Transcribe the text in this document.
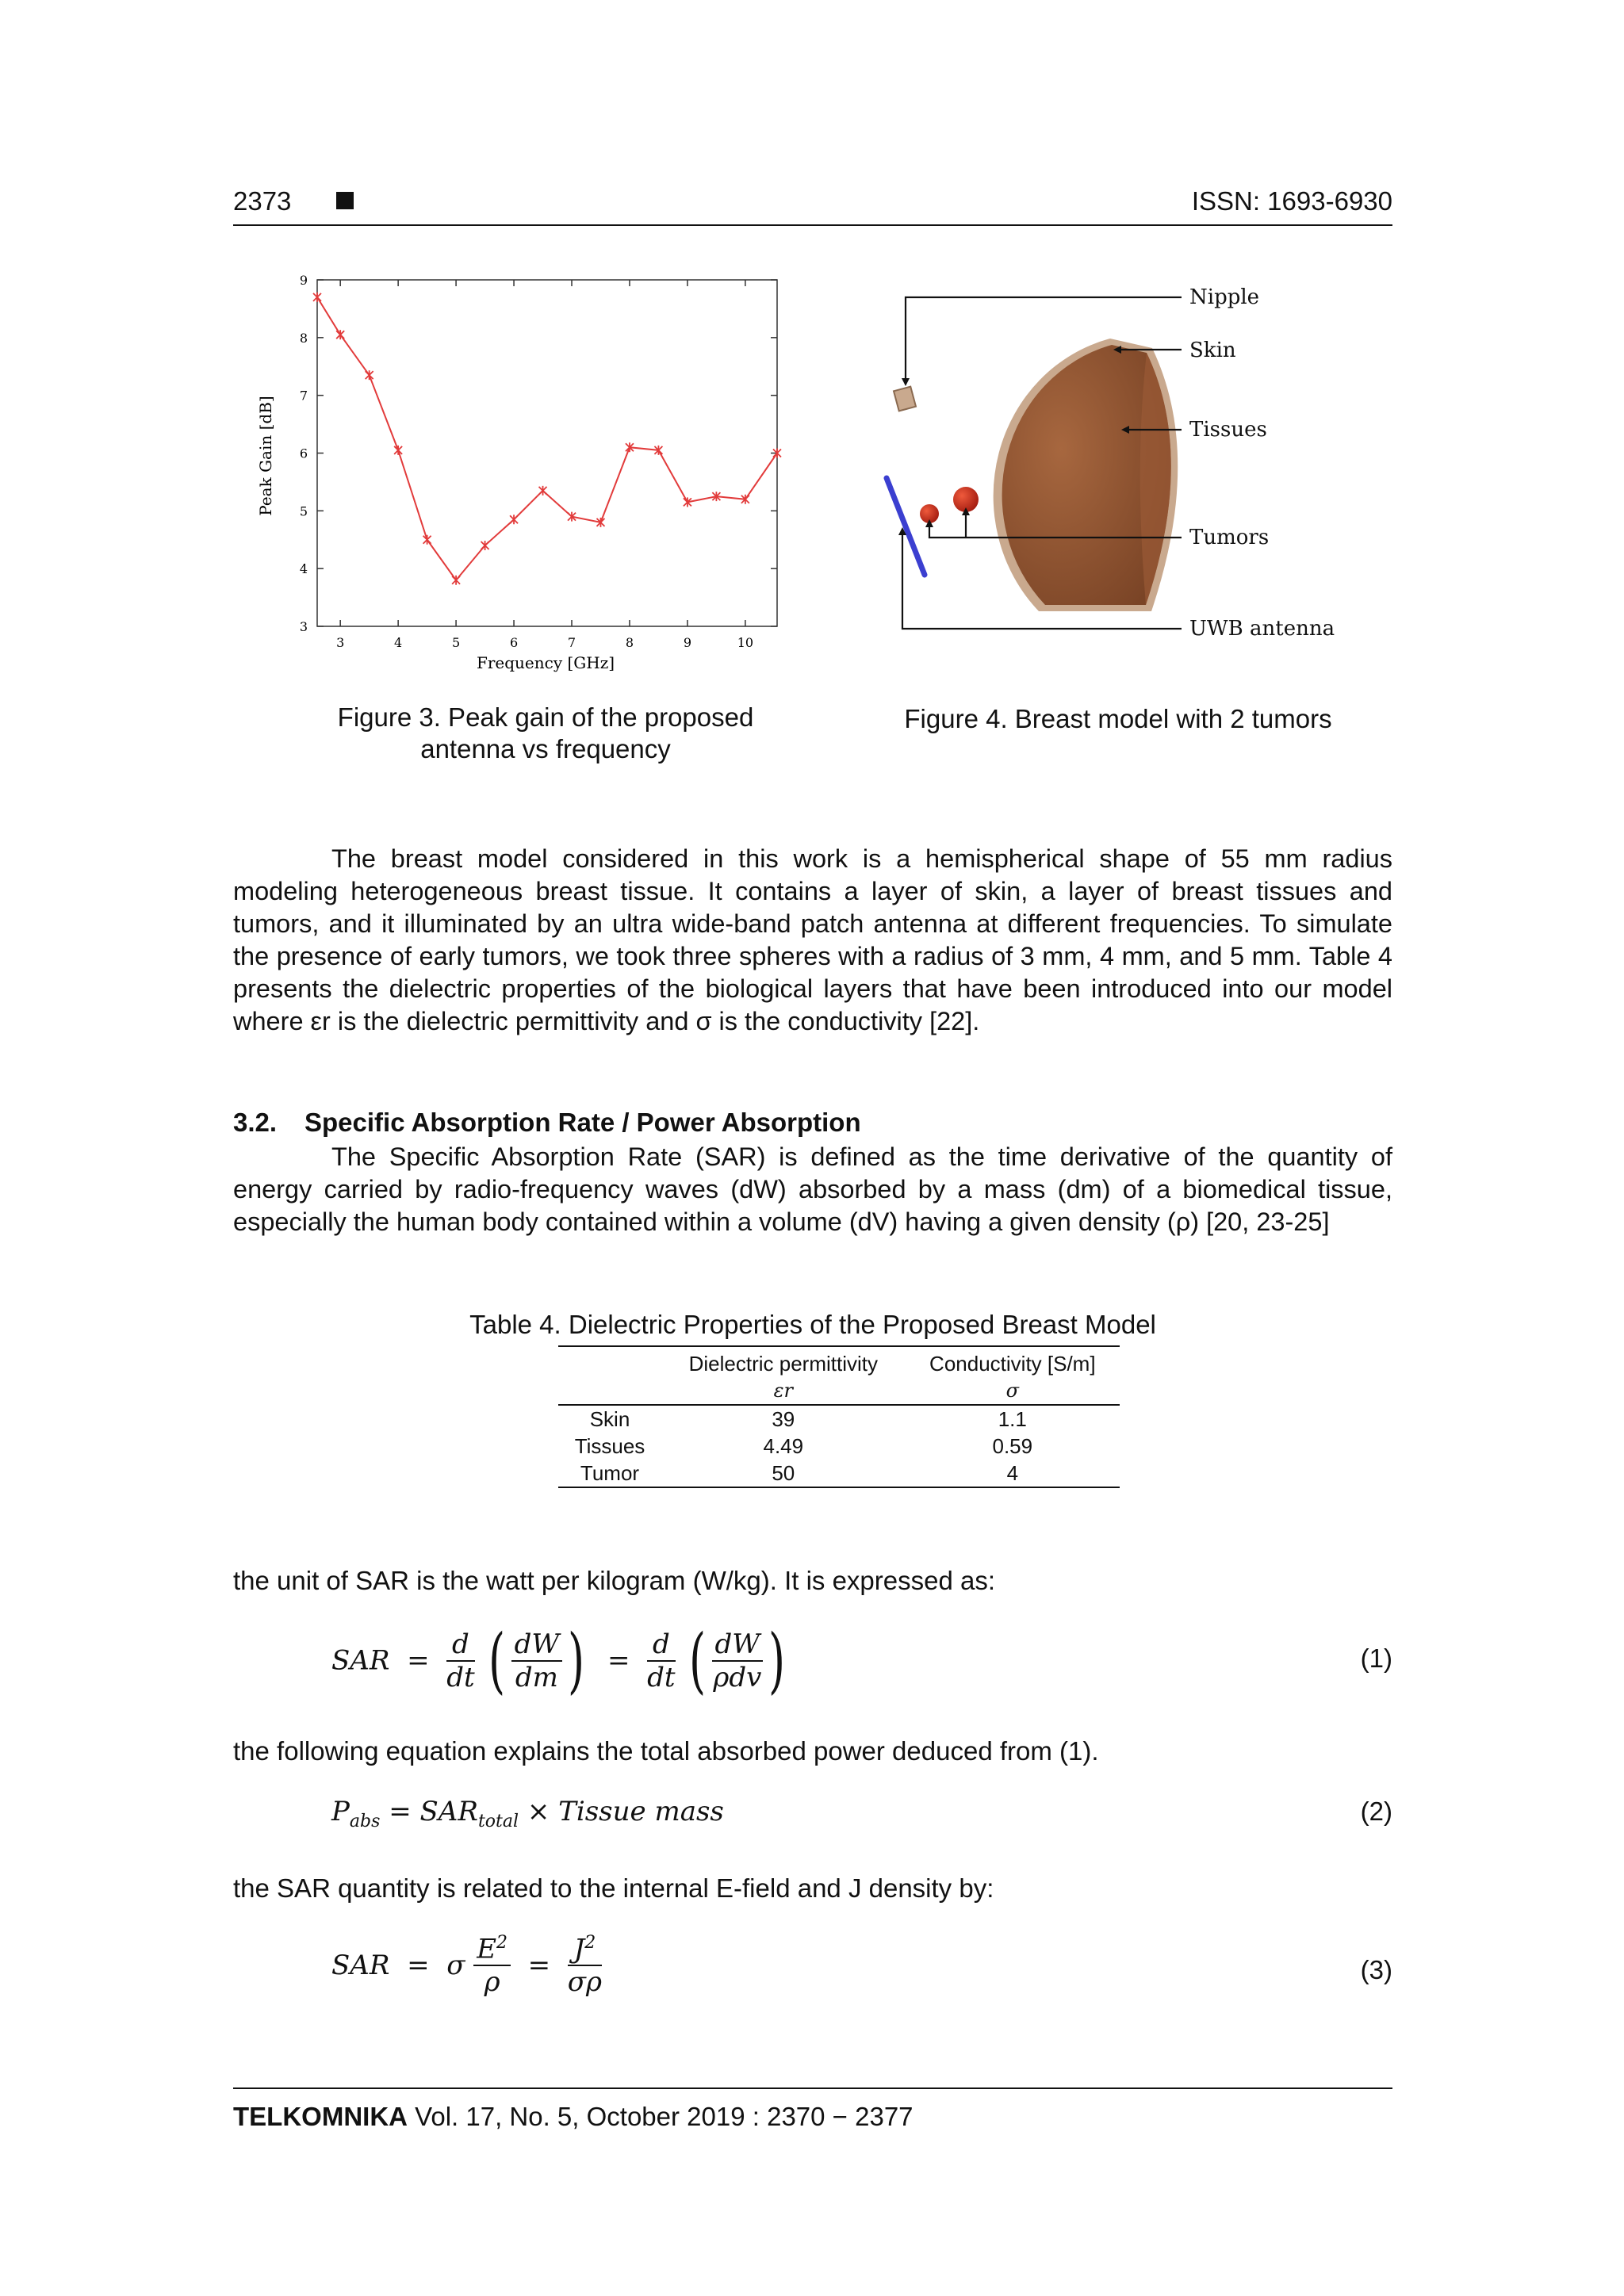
2373	ISSN: 1693-6930
3
4
5
6
7
8
9
3	4	5	6	7	8	9	10
Peak Gain [dB]
Frequency [GHz]
Nipple
Skin
Tissues
Tumors
UWB antenna
Figure 3. Peak gain of the proposed
antenna vs frequency
Figure 4. Breast model with 2 tumors
The breast model considered in this work is a hemispherical shape of 55 mm radius modeling heterogeneous breast tissue. It contains a layer of skin, a layer of breast tissues and tumors, and it illuminated by an ultra wide-band patch antenna at different frequencies. To simulate the presence of early tumors, we took three spheres with a radius of 3 mm, 4 mm, and 5 mm. Table 4 presents the dielectric properties of the biological layers that have been introduced into our model where εr is the dielectric permittivity and σ is the conductivity [22].
3.2. Specific Absorption Rate / Power Absorption
The Specific Absorption Rate (SAR) is defined as the time derivative of the quantity of energy carried by radio-frequency waves (dW) absorbed by a mass (dm) of a biomedical tissue, especially the human body contained within a volume (dV) having a given density (ρ) [20, 23-25]
Table 4. Dielectric Properties of the Proposed Breast Model
	Dielectric permittivity	Conductivity [S/m]
	εr	σ
Skin	39	1.1
Tissues	4.49	0.59
Tumor	50	4
the unit of SAR is the watt per kilogram (W/kg). It is expressed as:
SAR  = $\frac{d}{dt}$ ( $\frac{dW}{dm}$ )  = $\frac{d}{dt}$ ( $\frac{dW}{\text{ρdv}}$ )	(1)
the following equation explains the total absorbed power deduced from (1).
$P_{abs} = SAR_{total}$ × Tissue mass	(2)
the SAR quantity is related to the internal E-field and J density by:
SAR  =  σ $\frac{E^2}{\rho} = \frac{J^2}{\sigma\rho}$	(3)
TELKOMNIKA Vol. 17, No. 5, October 2019 : 2370 − 2377
